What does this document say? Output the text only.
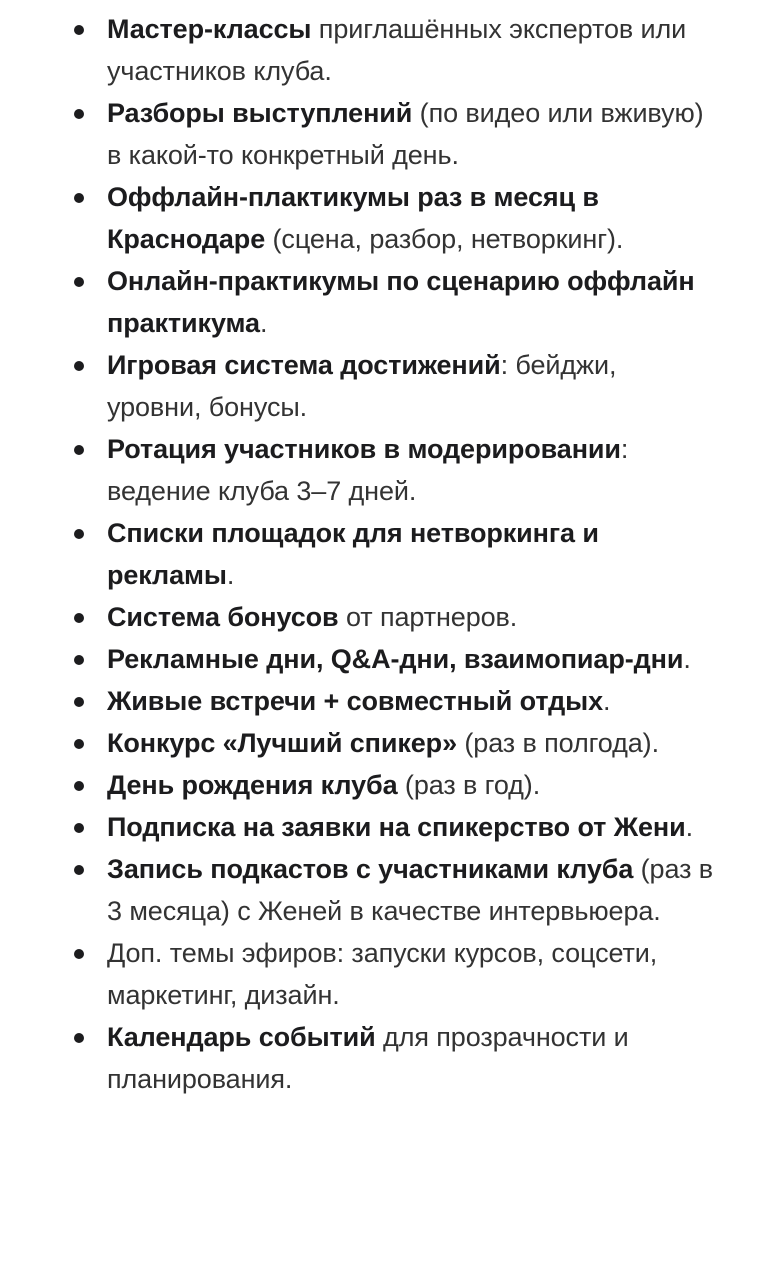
Мастер-классы приглашённых экспертов или участников клуба.
Разборы выступлений (по видео или вживую) в какой-то конкретный день.
Оффлайн-плактикумы раз в месяц в Краснодаре (сцена, разбор, нетворкинг).
Онлайн-практикумы по сценарию оффлайн практикума.
Игровая система достижений: бейджи, уровни, бонусы.
Ротация участников в модерировании: ведение клуба 3–7 дней.
Списки площадок для нетворкинга и рекламы.
Система бонусов от партнеров.
Рекламные дни, Q&A-дни, взаимопиар-дни.
Живые встречи + совместный отдых.
Конкурс «Лучший спикер» (раз в полгода).
День рождения клуба (раз в год).
Подписка на заявки на спикерство от Жени.
Запись подкастов с участниками клуба (раз в 3 месяца) с Женей в качестве интервьюера.
Доп. темы эфиров: запуски курсов, соцсети, маркетинг, дизайн.
Календарь событий для прозрачности и планирования.
